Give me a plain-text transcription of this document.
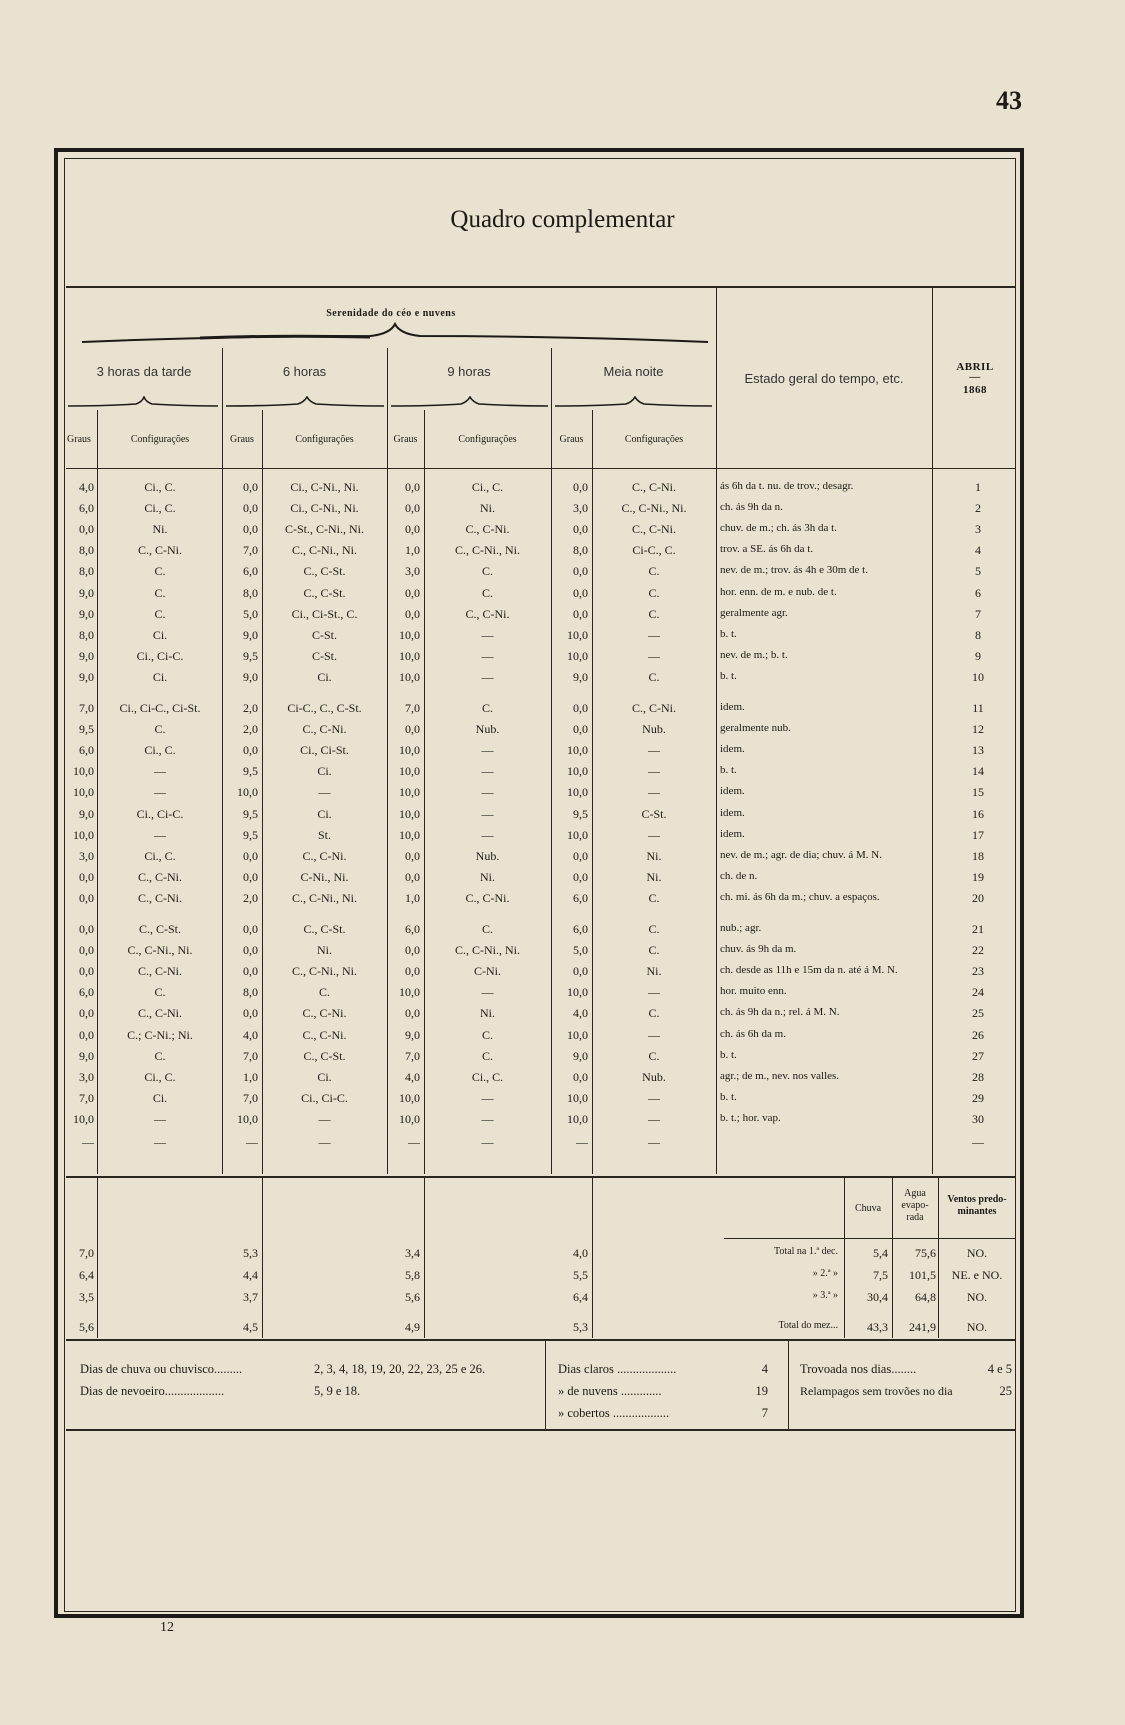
43
Quadro complementar
Serenidade do céo e nuvens
3 horas da tarde	6 horas	9 horas	Meia noite	Estado geral do tempo, etc.
ABRIL
—
1868
Graus	Configurações	Graus	Configurações	Graus	Configurações	Graus	Configurações
4,0	Ci., C.	0,0	Ci., C-Ni., Ni.	0,0	Ci., C.	0,0	C., C-Ni.	ás 6h da t. nu. de trov.; desagr.	1
6,0	Ci., C.	0,0	Ci., C-Ni., Ni.	0,0	Ni.	3,0	C., C-Ni., Ni.	ch. ás 9h da n.	2
0,0	Ni.	0,0	C-St., C-Ni., Ni.	0,0	C., C-Ni.	0,0	C., C-Ni.	chuv. de m.; ch. ás 3h da t.	3
8,0	C., C-Ni.	7,0	C., C-Ni., Ni.	1,0	C., C-Ni., Ni.	8,0	Ci-C., C.	trov. a SE. ás 6h da t.	4
8,0	C.	6,0	C., C-St.	3,0	C.	0,0	C.	nev. de m.; trov. ás 4h e 30m de t.	5
9,0	C.	8,0	C., C-St.	0,0	C.	0,0	C.	hor. enn. de m. e nub. de t.	6
9,0	C.	5,0	Ci., Ci-St., C.	0,0	C., C-Ni.	0,0	C.	geralmente agr.	7
8,0	Ci.	9,0	C-St.	10,0	—	10,0	—	b. t.	8
9,0	Ci., Ci-C.	9,5	C-St.	10,0	—	10,0	—	nev. de m.; b. t.	9
9,0	Ci.	9,0	Ci.	10,0	—	9,0	C.	b. t.	10
7,0	Ci., Ci-C., Ci-St.	2,0	Ci-C., C., C-St.	7,0	C.	0,0	C., C-Ni.	idem.	11
9,5	C.	2,0	C., C-Ni.	0,0	Nub.	0,0	Nub.	geralmente nub.	12
6,0	Ci., C.	0,0	Ci., Ci-St.	10,0	—	10,0	—	idem.	13
10,0	—	9,5	Ci.	10,0	—	10,0	—	b. t.	14
10,0	—	10,0	—	10,0	—	10,0	—	idem.	15
9,0	Ci., Ci-C.	9,5	Ci.	10,0	—	9,5	C-St.	idem.	16
10,0	—	9,5	St.	10,0	—	10,0	—	idem.	17
3,0	Ci., C.	0,0	C., C-Ni.	0,0	Nub.	0,0	Ni.	nev. de m.; agr. de dia; chuv. á M. N.	18
0,0	C., C-Ni.	0,0	C-Ni., Ni.	0,0	Ni.	0,0	Ni.	ch. de n.	19
0,0	C., C-Ni.	2,0	C., C-Ni., Ni.	1,0	C., C-Ni.	6,0	C.	ch. mi. ás 6h da m.; chuv. a espaços.	20
0,0	C., C-St.	0,0	C., C-St.	6,0	C.	6,0	C.	nub.; agr.	21
0,0	C., C-Ni., Ni.	0,0	Ni.	0,0	C., C-Ni., Ni.	5,0	C.	chuv. ás 9h da m.	22
0,0	C., C-Ni.	0,0	C., C-Ni., Ni.	0,0	C-Ni.	0,0	Ni.	ch. desde as 11h e 15m da n. até á M. N.	23
6,0	C.	8,0	C.	10,0	—	10,0	—	hor. muito enn.	24
0,0	C., C-Ni.	0,0	C., C-Ni.	0,0	Ni.	4,0	C.	ch. ás 9h da n.; rel. á M. N.	25
0,0	C.; C-Ni.; Ni.	4,0	C., C-Ni.	9,0	C.	10,0	—	ch. ás 6h da m.	26
9,0	C.	7,0	C., C-St.	7,0	C.	9,0	C.	b. t.	27
3,0	Ci., C.	1,0	Ci.	4,0	Ci., C.	0,0	Nub.	agr.; de m., nev. nos valles.	28
7,0	Ci.	7,0	Ci., Ci-C.	10,0	—	10,0	—	b. t.	29
10,0	—	10,0	—	10,0	—	10,0	—	b. t.; hor. vap.	30
—	—	—	—	—	—	—	—	—
Chuva
Agua evapo- rada
Ventos predo- minantes
7,0	5,3	3,4	4,0	Total na 1.ª dec.	5,4	75,6	NO.
6,4	4,4	5,8	5,5	» 2.ª »	7,5	101,5	NE. e NO.
3,5	3,7	5,6	6,4	» 3.ª »	30,4	64,8	NO.
5,6	4,5	4,9	5,3	Total do mez...	43,3	241,9	NO.
Dias de chuva ou chuvisco.........	2, 3, 4, 18, 19, 20, 22, 23, 25 e 26.
Dias de nevoeiro...................	5, 9 e 18.
Dias claros ...................	4
» de nuvens .............	19
» cobertos ..................	7
Trovoada nos dias........	4 e 5
Relampagos sem trovões no dia	25
12
